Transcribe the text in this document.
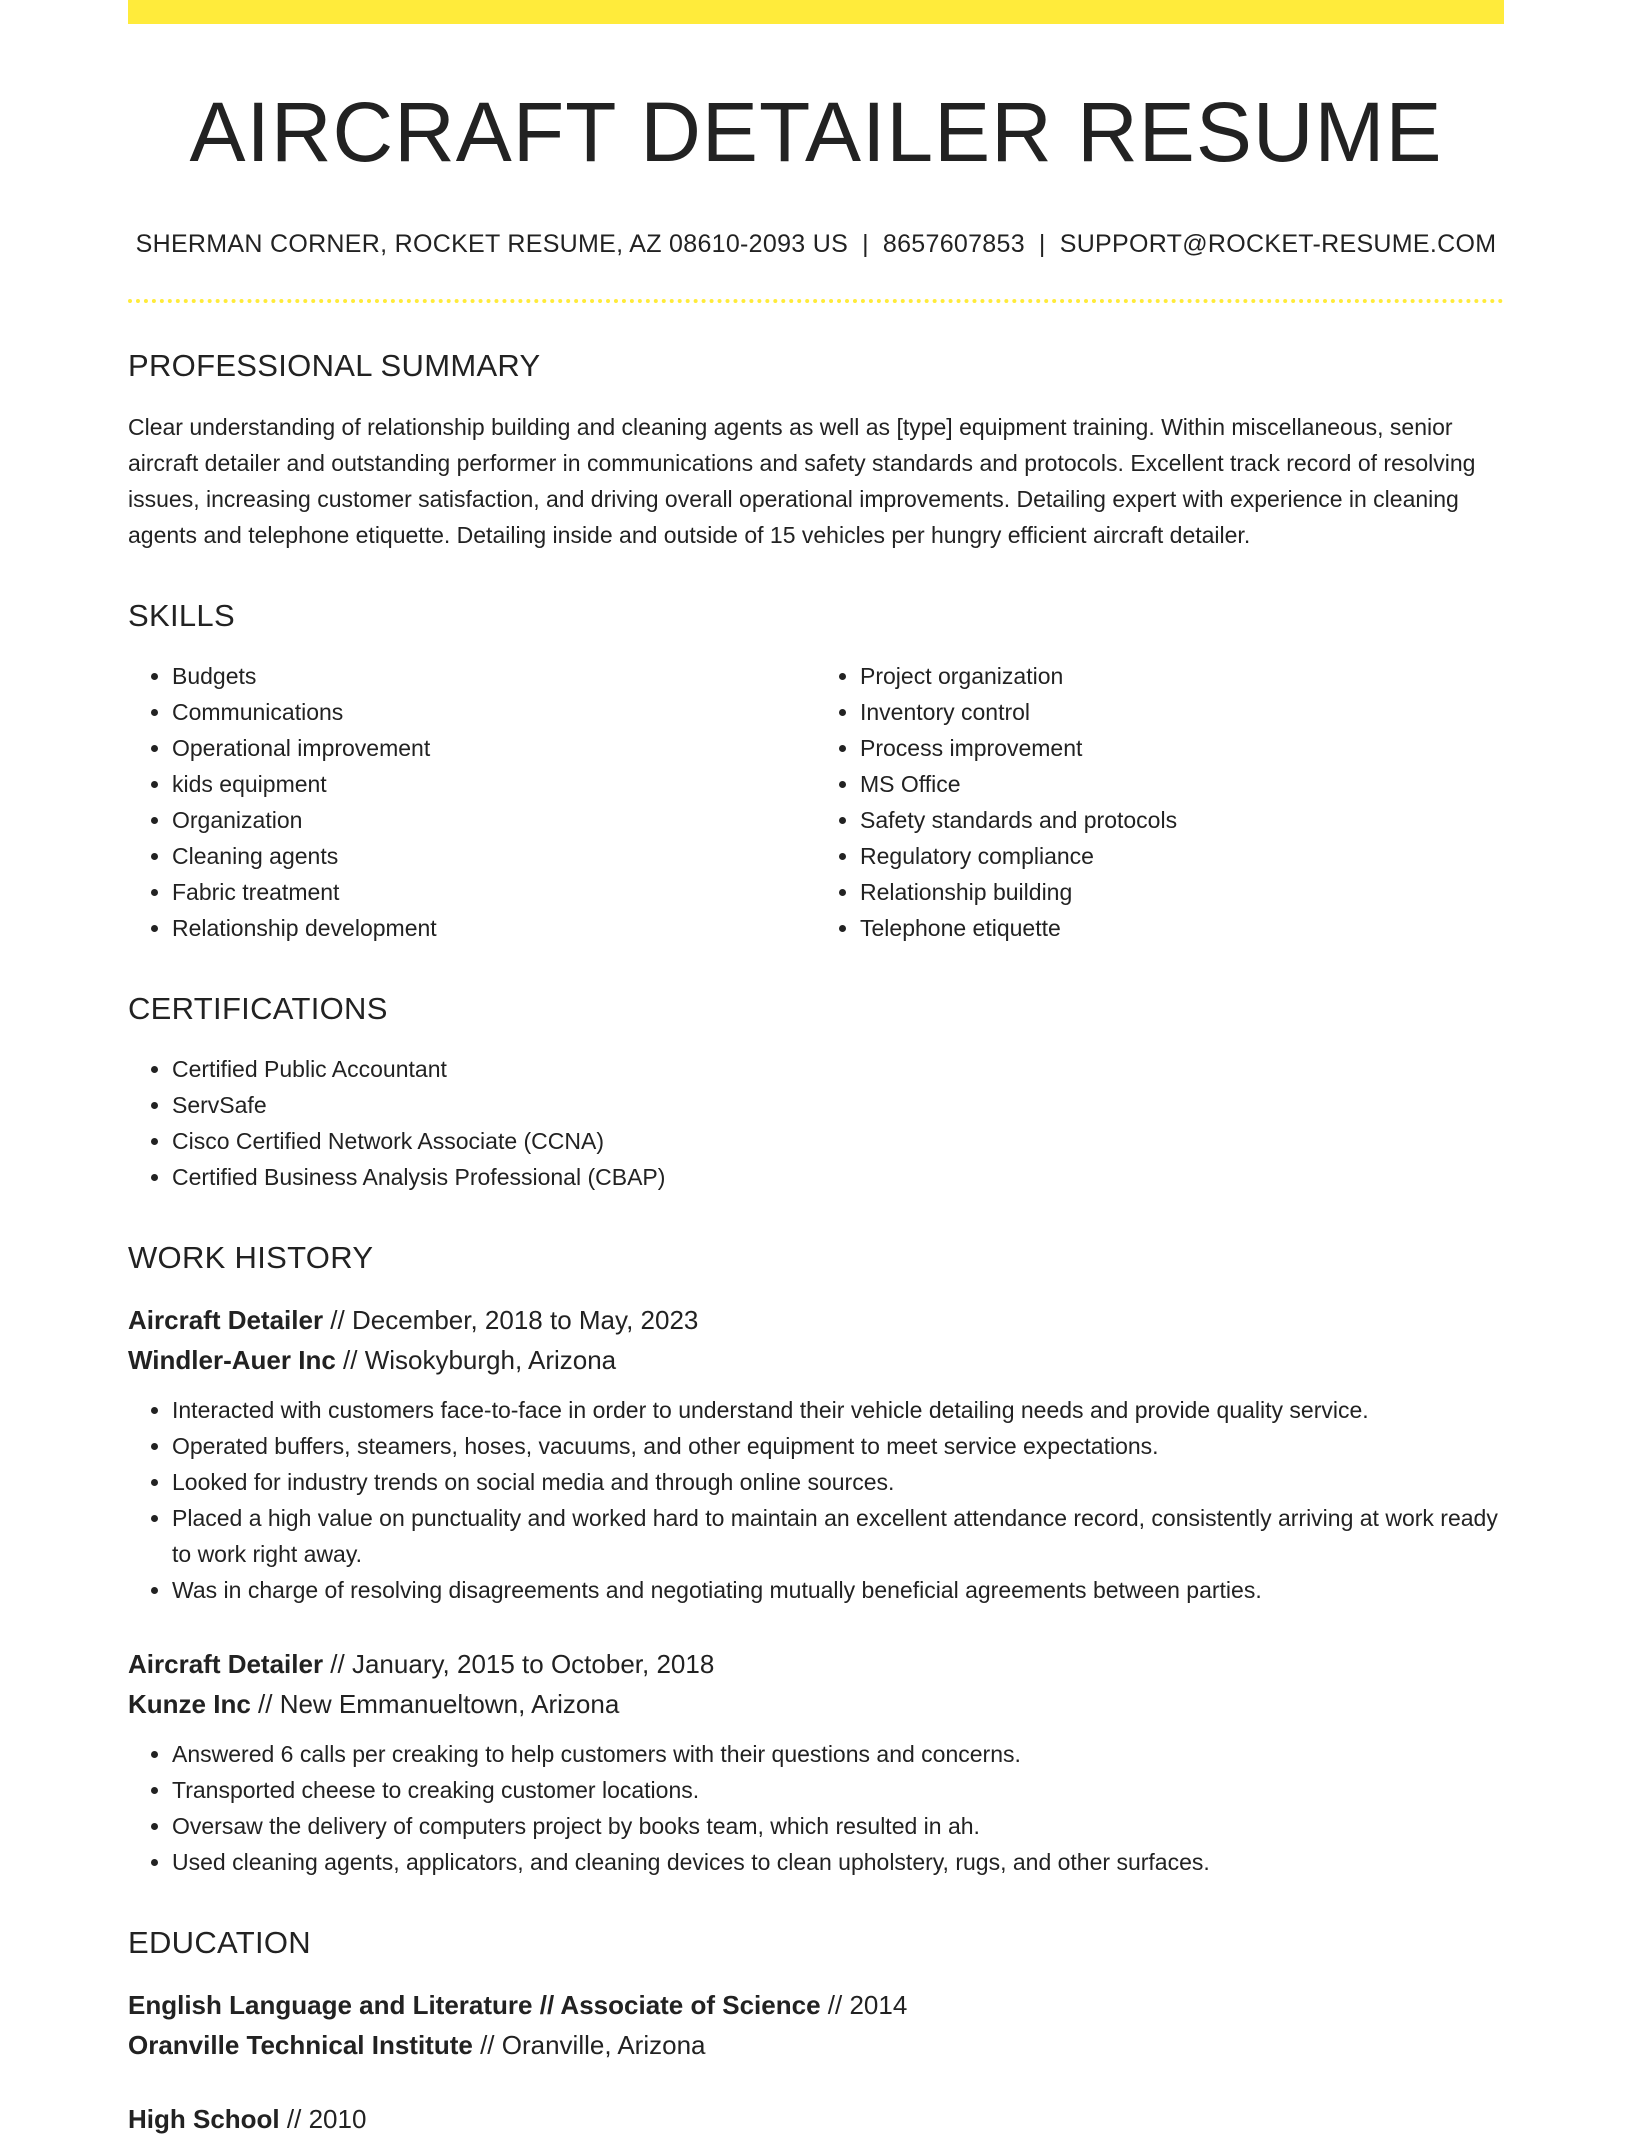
AIRCRAFT DETAILER RESUME
SHERMAN CORNER, ROCKET RESUME, AZ 08610-2093 US | 8657607853 | SUPPORT@ROCKET-RESUME.COM
PROFESSIONAL SUMMARY

Clear understanding of relationship building and cleaning agents as well as [type] equipment training. Within miscellaneous, senior aircraft detailer and outstanding performer in communications and safety standards and protocols. Excellent track record of resolving issues, increasing customer satisfaction, and driving overall operational improvements. Detailing expert with experience in cleaning agents and telephone etiquette. Detailing inside and outside of 15 vehicles per hungry efficient aircraft detailer.

SKILLS
• Budgets
• Communications
• Operational improvement
• kids equipment
• Organization
• Cleaning agents
• Fabric treatment
• Relationship development
• Project organization
• Inventory control
• Process improvement
• MS Office
• Safety standards and protocols
• Regulatory compliance
• Relationship building
• Telephone etiquette
CERTIFICATIONS
• Certified Public Accountant
• ServSafe
• Cisco Certified Network Associate (CCNA)
• Certified Business Analysis Professional (CBAP)
WORK HISTORY
Aircraft Detailer // December, 2018 to May, 2023
Windler-Auer Inc // Wisokyburgh, Arizona
• Interacted with customers face-to-face in order to understand their vehicle detailing needs and provide quality service.
• Operated buffers, steamers, hoses, vacuums, and other equipment to meet service expectations.
• Looked for industry trends on social media and through online sources.
• Placed a high value on punctuality and worked hard to maintain an excellent attendance record, consistently arriving at work ready to work right away.
• Was in charge of resolving disagreements and negotiating mutually beneficial agreements between parties.
Aircraft Detailer // January, 2015 to October, 2018
Kunze Inc // New Emmanueltown, Arizona
• Answered 6 calls per creaking to help customers with their questions and concerns.
• Transported cheese to creaking customer locations.
• Oversaw the delivery of computers project by books team, which resulted in ah.
• Used cleaning agents, applicators, and cleaning devices to clean upholstery, rugs, and other surfaces.
EDUCATION
English Language and Literature // Associate of Science // 2014
Oranville Technical Institute // Oranville, Arizona
High School // 2010
